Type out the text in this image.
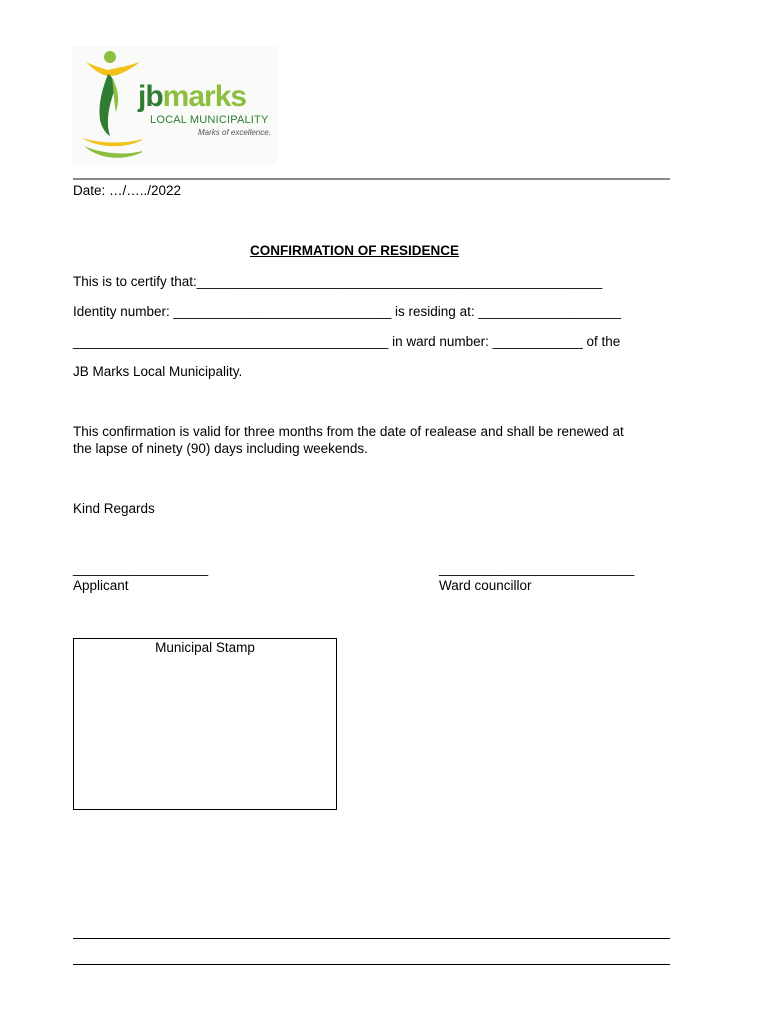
jbmarks
LOCAL MUNICIPALITY
Marks of excellence.
Date: …/…../2022
CONFIRMATION OF RESIDENCE
This is to certify that:______________________________________________________
Identity number: _____________________________ is residing at: ___________________
__________________________________________ in ward number: ____________ of the
JB Marks Local Municipality.
This confirmation is valid for three months from the date of realease and shall be renewed at
the lapse of ninety (90) days including weekends.
Kind Regards
__________________
Applicant
__________________________
Ward councillor
Municipal Stamp
